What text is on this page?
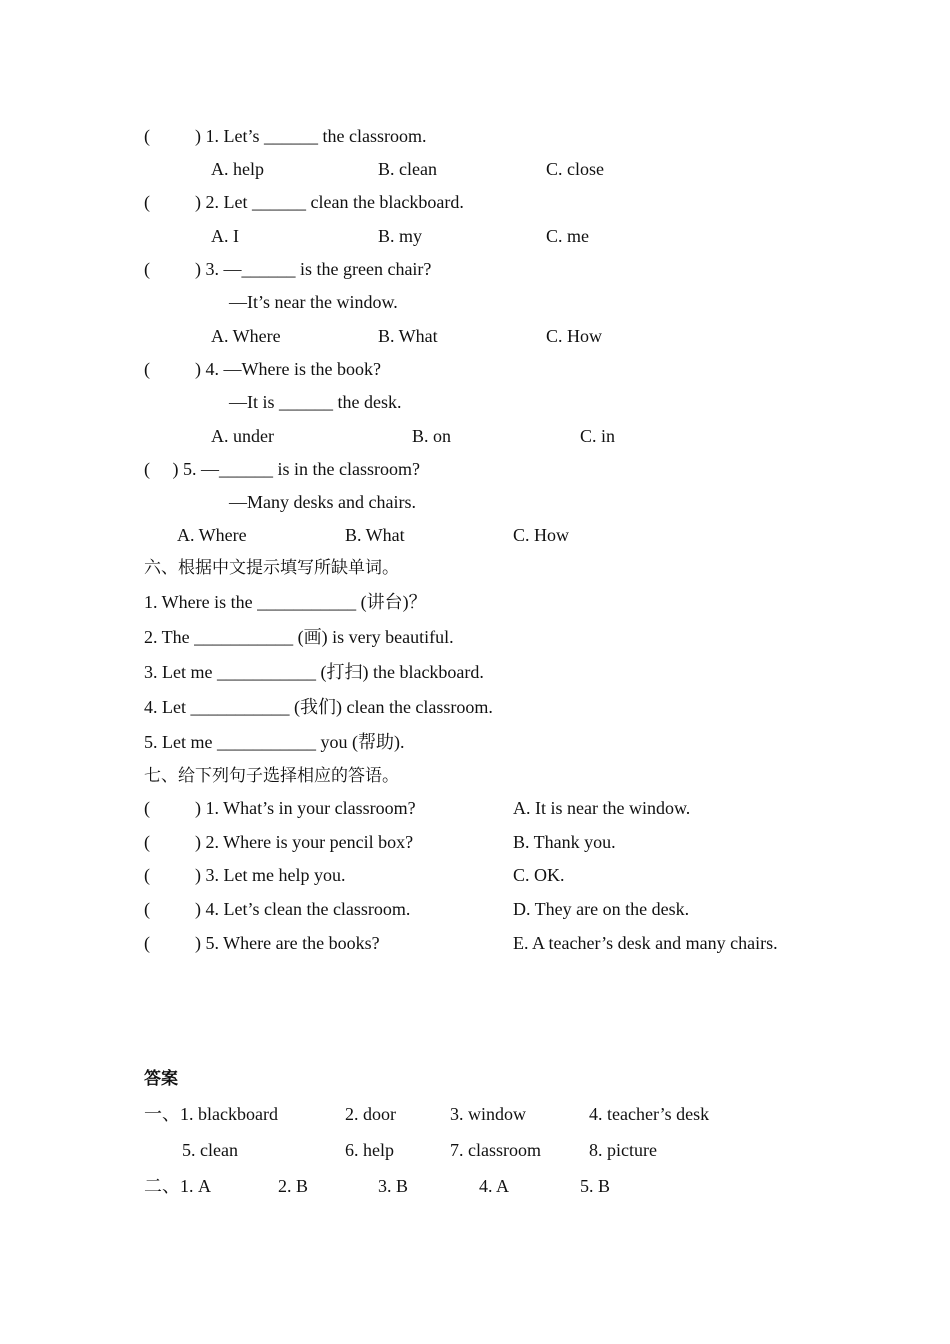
(          ) 1. Let’s ______ the classroom.
A. help	B. clean	C. close
(          ) 2. Let ______ clean the blackboard.
A. I	B. my	C. me
(          ) 3. —______ is the green chair?
—It’s near the window.
A. Where	B. What	C. How
(          ) 4. —Where is the book?
—It is ______ the desk.
A. under	B. on	C. in
(     ) 5. —______ is in the classroom?
—Many desks and chairs.
A. Where	B. What	C. How
六、根据中文提示填写所缺单词。
1. Where is the ___________ (讲台)？
2. The ___________ (画) is very beautiful.
3. Let me ___________ (打扫) the blackboard.
4. Let ___________ (我们) clean the classroom.
5. Let me ___________ you (帮助).
七、给下列句子选择相应的答语。
(          ) 1. What’s in your classroom?	A. It is near the window.
(          ) 2. Where is your pencil box?	B. Thank you.
(          ) 3. Let me help you.	C. OK.
(          ) 4. Let’s clean the classroom.	D. They are on the desk.
(          ) 5. Where are the books?	E. A teacher’s desk and many chairs.
答案
一、1. blackboard	2. door	3. window	4. teacher’s desk
5. clean	6. help	7. classroom	8. picture
二、1. A	2. B	3. B	4. A	5. B
